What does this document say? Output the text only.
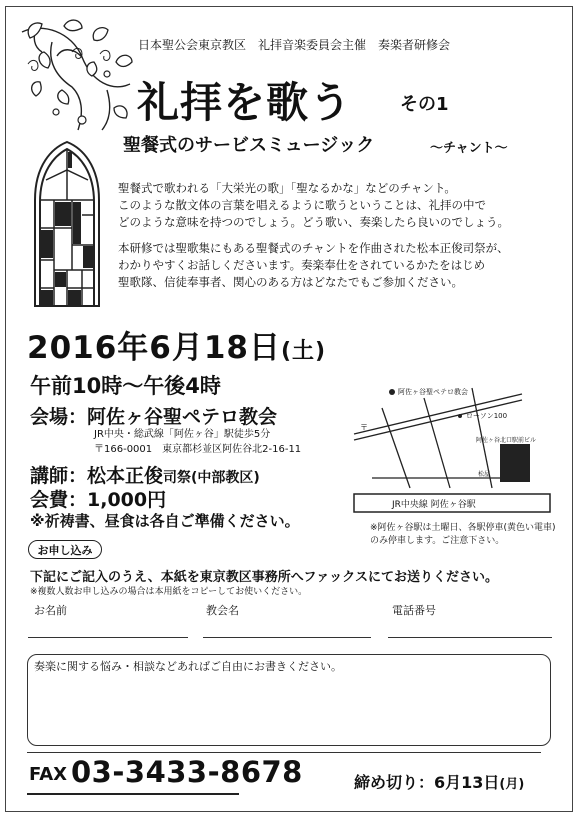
日本聖公会東京教区　礼拝音楽委員会主催　奏楽者研修会
礼拝を歌う	その1
聖餐式のサービスミュージック	〜チャント〜
聖餐式で歌われる「大栄光の歌」「聖なるかな」などのチャント。
このような散文体の言葉を唱えるように歌うということは、礼拝の中で
どのような意味を持つのでしょう。どう歌い、奏楽したら良いのでしょう。
本研修では聖歌集にもある聖餐式のチャントを作曲された松本正俊司祭が、
わかりやすくお話しくださいます。奏楽奉仕をされているかたをはじめ
聖歌隊、信徒奉事者、関心のある方はどなたでもご参加ください。
2016年6月18日(土)
午前10時〜午後4時
会場：阿佐ヶ谷聖ペテロ教会
JR中央・総武線「阿佐ヶ谷」駅徒歩5分
〒166-0001　東京都杉並区阿佐谷北2-16-11
講師：松本正俊司祭(中部教区)
会費：1,000円
※祈祷書、昼食は各自ご準備ください。
阿佐ヶ谷聖ペテロ教会
ローソン100
阿佐ヶ谷北口駅前ビル
松屋
〒
JR中央線 阿佐ヶ谷駅
※阿佐ヶ谷駅は土曜日、各駅停車(黄色い電車)
のみ停車します。ご注意下さい。
お申し込み
下記にご記入のうえ、本紙を東京教区事務所へファックスにてお送りください。
※複数人数お申し込みの場合は本用紙をコピーしてお使いください。
お名前	教会名	電話番号
奏楽に関する悩み・相談などあればご自由にお書きください。
FAX 03-3433-8678	締め切り：6月13日(月)
